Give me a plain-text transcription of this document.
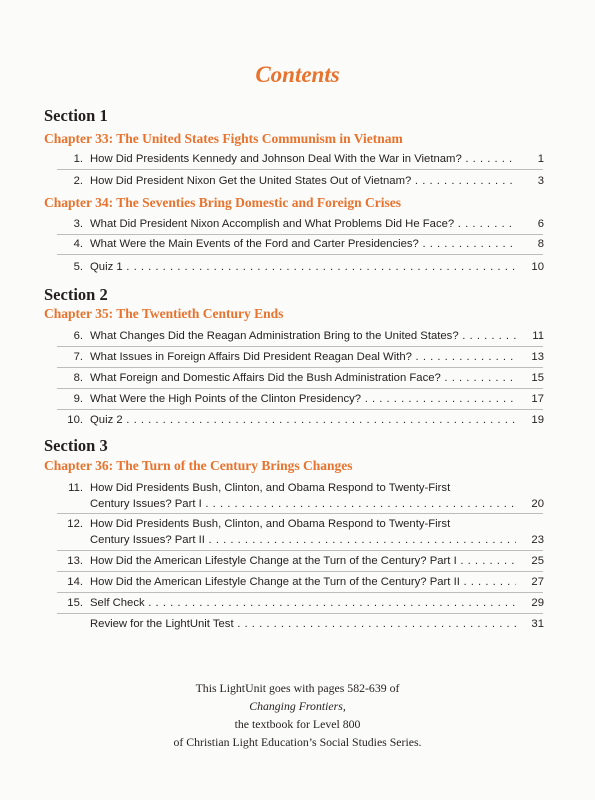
Contents
Section 1
Chapter 33: The United States Fights Communism in Vietnam
1. How Did Presidents Kennedy and Johnson Deal With the War in Vietnam? . . .	1
2. How Did President Nixon Get the United States Out of Vietnam? . . .	3
Chapter 34: The Seventies Bring Domestic and Foreign Crises
3. What Did President Nixon Accomplish and What Problems Did He Face? . . .	6
4. What Were the Main Events of the Ford and Carter Presidencies? . . .	8
5. Quiz 1 . . .	10
Section 2
Chapter 35: The Twentieth Century Ends
6. What Changes Did the Reagan Administration Bring to the United States? . . .	11
7. What Issues in Foreign Affairs Did President Reagan Deal With? . . .	13
8. What Foreign and Domestic Affairs Did the Bush Administration Face? . . .	15
9. What Were the High Points of the Clinton Presidency? . . .	17
10. Quiz 2 . . .	19
Section 3
Chapter 36: The Turn of the Century Brings Changes
11. How Did Presidents Bush, Clinton, and Obama Respond to Twenty-First
Century Issues? Part I . . .	20
12. How Did Presidents Bush, Clinton, and Obama Respond to Twenty-First
Century Issues? Part II . . .	23
13. How Did the American Lifestyle Change at the Turn of the Century? Part I . . .	25
14. How Did the American Lifestyle Change at the Turn of the Century? Part II . . .	27
15. Self Check . . .	29
Review for the LightUnit Test . . .	31
This LightUnit goes with pages 582-639 of
Changing Frontiers,
the textbook for Level 800
of Christian Light Education’s Social Studies Series.
